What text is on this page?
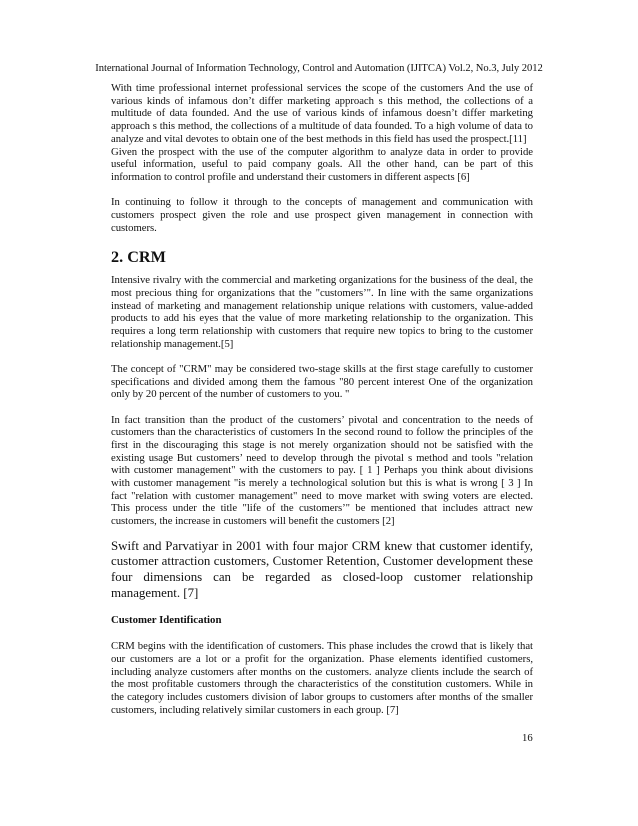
International Journal of Information Technology, Control and Automation (IJITCA) Vol.2, No.3, July 2012

With time professional internet professional services the scope of the customers And the use of various kinds of infamous don’t differ marketing approach s this method, the collections of a multitude of data founded. And the use of various kinds of infamous doesn’t differ marketing approach s this method, the collections of a multitude of data founded. To a high volume of data to analyze and vital devotes to obtain one of the best methods in this field has used the prospect.[11]

Given the prospect with the use of the computer algorithm to analyze data in order to provide useful information, useful to paid company goals. All the other hand, can be part of this information to control profile and understand their customers in different aspects [6]

In continuing to follow it through to the concepts of management and communication with customers prospect given the role and use prospect given management in connection with customers.

2. CRM

Intensive rivalry with the commercial and marketing organizations for the business of the deal, the most precious thing for organizations that the "customers’". In line with the same organizations instead of marketing and management relationship unique relations with customers, value-added products to add his eyes that the value of more marketing relationship to the organization. This requires a long term relationship with customers that require new topics to bring to the customer relationship management.[5]

The concept of "CRM" may be considered two-stage skills at the first stage carefully to customer specifications and divided among them the famous "80 percent interest One of the organization only by 20 percent of the number of customers to you. "

In fact transition than the product of the customers’ pivotal and concentration to the needs of customers than the characteristics of customers In the second round to follow the principles of the first in the discouraging this stage is not merely organization should not be satisfied with the existing usage But customers’ need to develop through the pivotal s method and tools "relation with customer management" with the customers to pay. [ 1 ] Perhaps you think about divisions with customer management "is merely a technological solution but this is what is wrong [ 3 ] In fact "relation with customer management" need to move market with swing voters are elected. This process under the title "life of the customers’" be mentioned that includes attract new customers, the increase in customers will benefit the customers [2]

Swift and Parvatiyar in 2001 with four major CRM knew that customer identify, customer attraction customers, Customer Retention, Customer development these four dimensions can be regarded as closed-loop customer relationship management. [7]

Customer Identification

CRM begins with the identification of customers. This phase includes the crowd that is likely that our customers are a lot or a profit for the organization. Phase elements identified customers, including analyze customers after months on the customers. analyze clients include the search of the most profitable customers through the characteristics of the constitution customers. While in the category includes customers division of labor groups to customers after months of the smaller customers, including relatively similar customers in each group. [7]

16
